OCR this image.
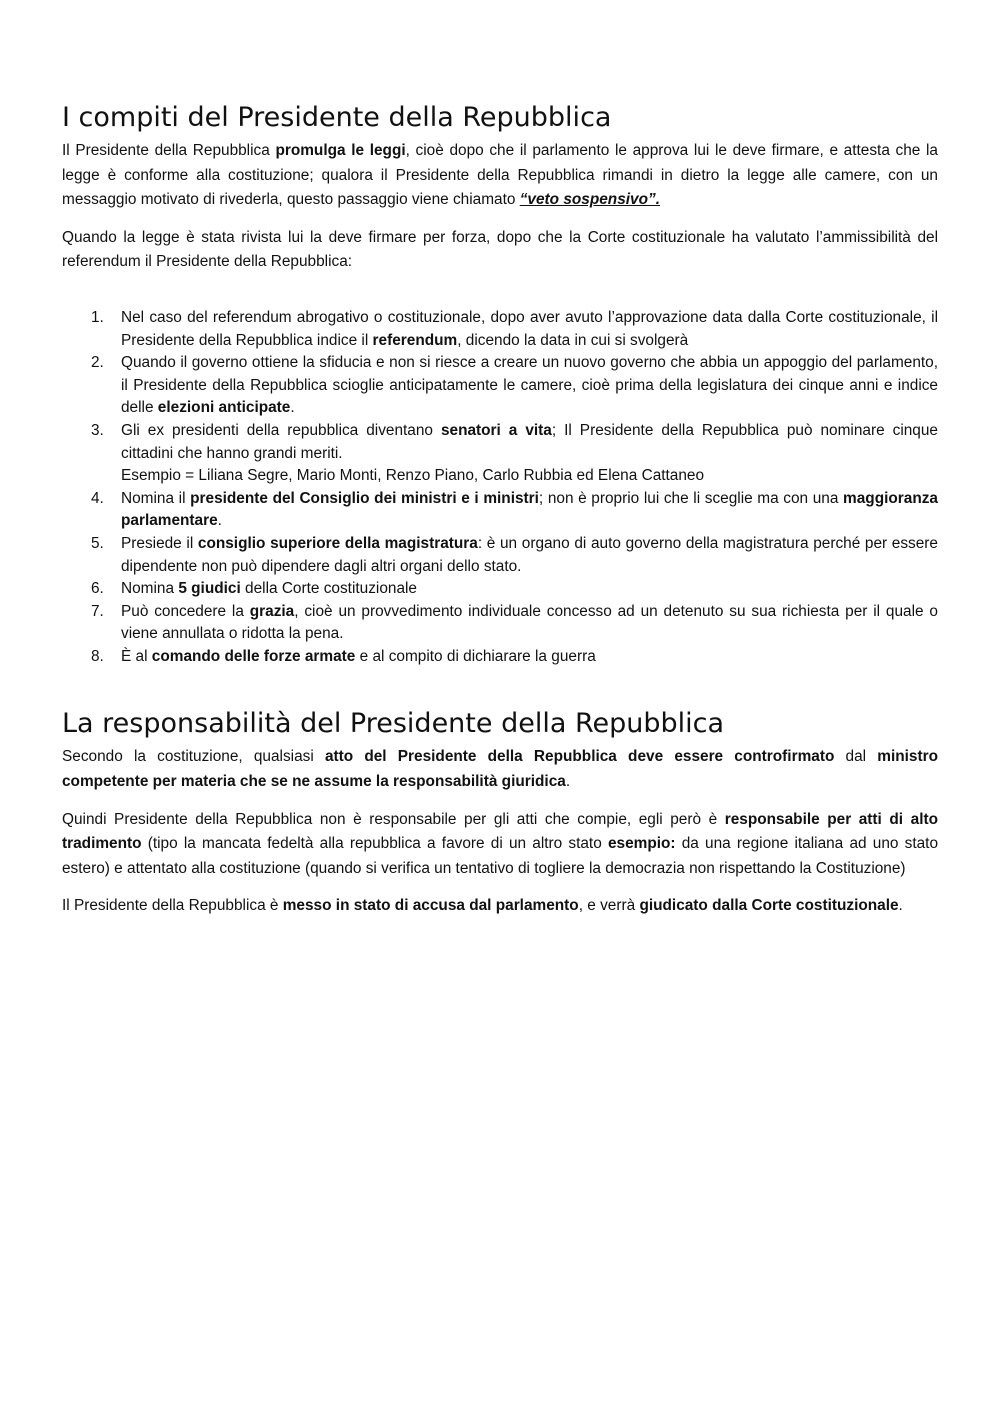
I compiti del Presidente della Repubblica

Il Presidente della Repubblica promulga le leggi, cioè dopo che il parlamento le approva lui le deve firmare, e attesta che la legge è conforme alla costituzione; qualora il Presidente della Repubblica rimandi in dietro la legge alle camere, con un messaggio motivato di rivederla, questo passaggio viene chiamato “veto sospensivo”.

Quando la legge è stata rivista lui la deve firmare per forza, dopo che la Corte costituzionale ha valutato l’ammissibilità del referendum il Presidente della Repubblica:

1. Nel caso del referendum abrogativo o costituzionale, dopo aver avuto l’approvazione data dalla Corte costituzionale, il Presidente della Repubblica indice il referendum, dicendo la data in cui si svolgerà
2. Quando il governo ottiene la sfiducia e non si riesce a creare un nuovo governo che abbia un appoggio del parlamento, il Presidente della Repubblica scioglie anticipatamente le camere, cioè prima della legislatura dei cinque anni e indice delle elezioni anticipate.
3. Gli ex presidenti della repubblica diventano senatori a vita; Il Presidente della Repubblica può nominare cinque cittadini che hanno grandi meriti.
Esempio = Liliana Segre, Mario Monti, Renzo Piano, Carlo Rubbia ed Elena Cattaneo
4. Nomina il presidente del Consiglio dei ministri e i ministri; non è proprio lui che li sceglie ma con una maggioranza parlamentare.
5. Presiede il consiglio superiore della magistratura: è un organo di auto governo della magistratura perché per essere dipendente non può dipendere dagli altri organi dello stato.
6. Nomina 5 giudici della Corte costituzionale
7. Può concedere la grazia, cioè un provvedimento individuale concesso ad un detenuto su sua richiesta per il quale o viene annullata o ridotta la pena.
8. È al comando delle forze armate e al compito di dichiarare la guerra
La responsabilità del Presidente della Repubblica

Secondo la costituzione, qualsiasi atto del Presidente della Repubblica deve essere controfirmato dal ministro competente per materia che se ne assume la responsabilità giuridica.

Quindi Presidente della Repubblica non è responsabile per gli atti che compie, egli però è responsabile per atti di alto tradimento (tipo la mancata fedeltà alla repubblica a favore di un altro stato esempio: da una regione italiana ad uno stato estero) e attentato alla costituzione (quando si verifica un tentativo di togliere la democrazia non rispettando la Costituzione)

Il Presidente della Repubblica è messo in stato di accusa dal parlamento, e verrà giudicato dalla Corte costituzionale.
